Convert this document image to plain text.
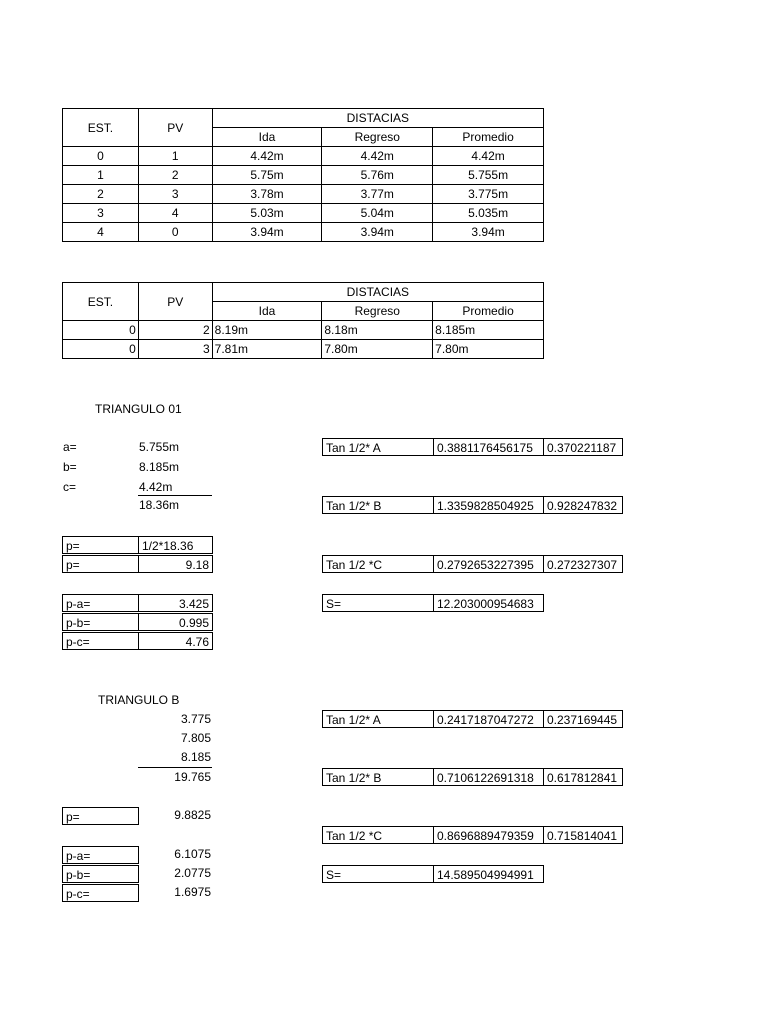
EST.	PV	DISTACIAS		
		Ida	Regreso	Promedio
0	1	4.42m	4.42m	4.42m
1	2	5.75m	5.76m	5.755m
2	3	3.78m	3.77m	3.775m
3	4	5.03m	5.04m	5.035m
4	0	3.94m	3.94m	3.94m
EST.	PV	DISTACIAS		
		Ida	Regreso	Promedio
0	2	8.19m	8.18m	8.185m
0	3	7.81m	7.80m	7.80m
TRIANGULO 01
a=	5.755m
b=	8.185m
c=	4.42m
18.36m
p=	1/2*18.36
p=	9.18
p-a=	3.425
p-b=	0.995
p-c=	4.76
Tan 1/2* A	0.3881176456175	0.370221187
Tan 1/2* B	1.3359828504925	0.928247832
Tan 1/2 *C	0.2792653227395	0.272327307
S=	12.203000954683
TRIANGULO B
3.775
7.805
8.185
19.765
p=	9.8825
p-a=	6.1075
p-b=	2.0775
p-c=	1.6975
Tan 1/2* A	0.2417187047272	0.237169445
Tan 1/2* B	0.7106122691318	0.617812841
Tan 1/2 *C	0.8696889479359	0.715814041
S=	14.589504994991
